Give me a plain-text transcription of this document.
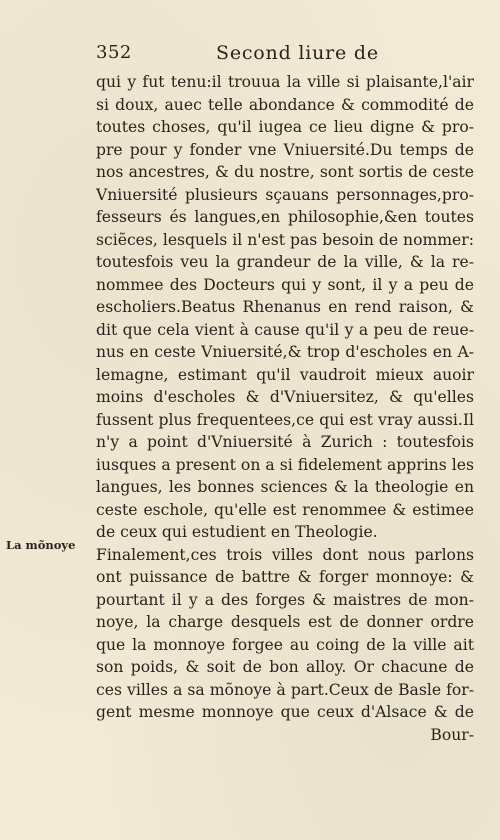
352	Second liure de
La mõnoye
qui y fut tenu:il trouua la ville si plaisante,l'air
si doux, auec telle abondance & commodité de
toutes choses, qu'il iugea ce lieu digne & pro-
pre pour y fonder vne Vniuersité.Du temps de
nos ancestres, & du nostre, sont sortis de ceste
Vniuersité plusieurs sçauans personnages,pro-
fesseurs és langues,en philosophie,&en toutes
sciẽces, lesquels il n'est pas besoin de nommer:
toutesfois veu la grandeur de la ville, & la re-
nommee des Docteurs qui y sont, il y a peu de
escholiers.Beatus Rhenanus en rend raison, &
dit que cela vient à cause qu'il y a peu de reue-
nus en ceste Vniuersité,& trop d'escholes en A-
lemagne, estimant qu'il vaudroit mieux auoir
moins d'escholes & d'Vniuersitez, & qu'elles
fussent plus frequentees,ce qui est vray aussi.Il
n'y a point d'Vniuersité à Zurich : toutesfois
iusques a present on a si fidelement apprins les
langues, les bonnes sciences & la theologie en
ceste eschole, qu'elle est renommee & estimee
de ceux qui estudient en Theologie.
Finalement,ces trois villes dont nous parlons
ont puissance de battre & forger monnoye: &
pourtant il y a des forges & maistres de mon-
noye, la charge desquels est de donner ordre
que la monnoye forgee au coing de la ville ait
son poids, & soit de bon alloy. Or chacune de
ces villes a sa mõnoye à part.Ceux de Basle for-
gent mesme monnoye que ceux d'Alsace & de
Bour-
